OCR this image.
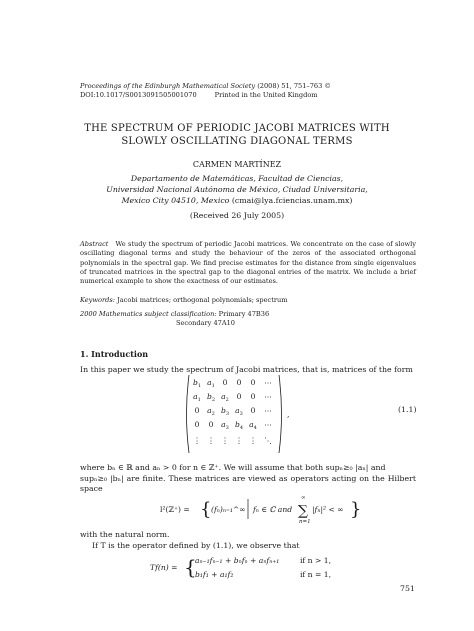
Proceedings of the Edinburgh Mathematical Society (2008) 51, 751–763 ©
DOI:10.1017/S0013091505001070	Printed in the United Kingdom
THE SPECTRUM OF PERIODIC JACOBI MATRICES WITH
SLOWLY OSCILLATING DIAGONAL TERMS
CARMEN MARTÍNEZ
Departamento de Matemáticas, Facultad de Ciencias,
Universidad Nacional Autónoma de México, Ciudad Universitaria,
Mexico City 04510, Mexico (cmai@lya.fciencias.unam.mx)
(Received 26 July 2005)
Abstract We study the spectrum of periodic Jacobi matrices. We concentrate on the case of slowly oscillating diagonal terms and study the behaviour of the zeros of the associated orthogonal polynomials in the spectral gap. We find precise estimates for the distance from single eigenvalues of truncated matrices in the spectral gap to the diagonal entries of the matrix. We include a brief numerical example to show the exactness of our estimates.
Keywords: Jacobi matrices; orthogonal polynomials; spectrum
2000 Mathematics subject classification: Primary 47B36
Secondary 47A10
1. Introduction
In this paper we study the spectrum of Jacobi matrices, that is, matrices of the form
$b_1$ $a_1$ 0 0 0 ⋯
$a_1$ $b_2$ $a_2$ 0 0 ⋯
0 $a_2$ $b_3$ $a_3$ 0 ⋯
0 0 $a_3$ $b_4$ $a_4$ ⋯
⋮ ⋮ ⋮ ⋮ ⋮ ⋱
,
(1.1)
where bₙ ∈ ℝ and aₙ > 0 for n ∈ ℤ⁺. We will assume that both supₙ≥₀ |aₙ| and
supₙ≥₀ |bₙ| are finite. These matrices are viewed as operators acting on the Hilbert space
l²(ℤ⁺) = { (fₙ)ₙ₌₁^∞ fₙ ∈ ℂ and
∞
∑
n=1
|fₙ|² < ∞ }
with the natural norm.
If T is the operator defined by (1.1), we observe that
Tf(n) = {
aₙ₋₁fₙ₋₁ + bₙfₙ + aₙfₙ₊₁	if n > 1,
b₁f₁ + a₁f₂	if n = 1,
751
